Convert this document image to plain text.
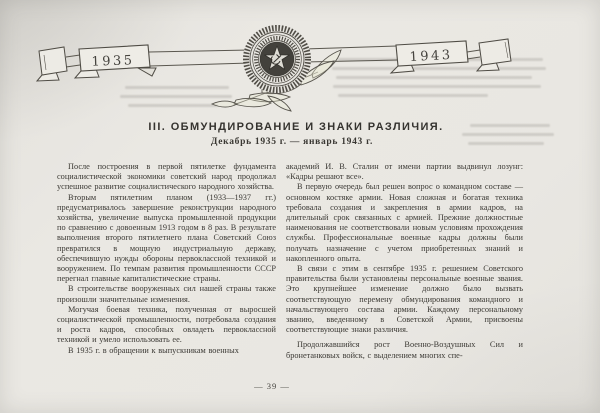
1935	1943
III. ОБМУНДИРОВАНИЕ И ЗНАКИ РАЗЛИЧИЯ.
Декабрь 1935 г. — январь 1943 г.

После построения в первой пятилетке фундамента социалистической экономики советский народ продолжал успешное развитие социалистического народного хозяйства.

Вторым пятилетним планом (1933—1937 гг.) предусматривалось завершение реконструкции народного хозяйства, увеличение выпуска промышленной продукции по сравнению с довоенным 1913 годом в 8 раз. В результате выполнения второго пятилетнего плана Советский Союз превратился в мощную индустриальную державу, обеспечившую нужды обороны первоклассной техникой и вооружением. По темпам развития промышленности СССР перегнал главные капиталистические страны.

В строительстве вооруженных сил нашей страны также произошли значительные изменения.

Могучая боевая техника, полученная от выросшей социалистической промышленности, потребовала создания и роста кадров, способных овладеть первоклассной техникой и умело использовать ее.

В 1935 г. в обращении к выпускникам военных

академий И. В. Сталин от имени партии выдвинул лозунг: «Кадры решают все».

В первую очередь был решен вопрос о командном составе — основном костяке армии. Новая сложная и богатая техника требовала создания и закрепления в армии кадров, на длительный срок связанных с армией. Прежние должностные наименования не соответствовали новым условиям прохождения службы. Профессиональные военные кадры должны были получать назначение с учетом приобретенных знаний и накопленного опыта.

В связи с этим в сентябре 1935 г. решением Советского правительства были установлены персональные военные звания. Это крупнейшее изменение должно было вызвать соответствующую перемену обмундирования командного и начальствующего состава армии. Каждому персональному званию, введенному в Советской Армии, присвоены соответствующие знаки различия.

Продолжавшийся рост Военно-Воздушных Сил и бронетанковых войск, с выделением многих спе-

— 39 —
